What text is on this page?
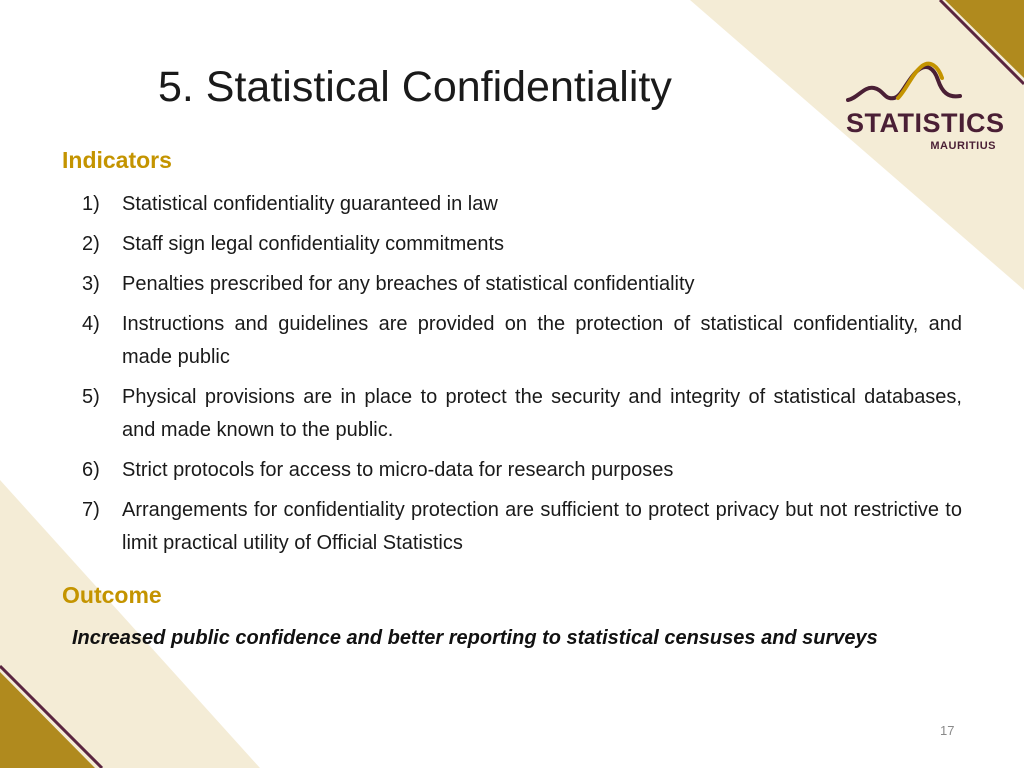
5. Statistical Confidentiality
STATISTICS
MAURITIUS
Indicators
1) Statistical confidentiality guaranteed in law
2) Staff sign legal confidentiality commitments
3) Penalties prescribed for any breaches of statistical confidentiality
4) Instructions and guidelines are provided on the protection of statistical confidentiality, and made public
5) Physical provisions are in place to protect the security and integrity of statistical databases, and made known to the public.
6) Strict protocols for access to micro-data for research purposes
7) Arrangements for confidentiality protection are sufficient to protect privacy but not restrictive to limit practical utility of Official Statistics
Outcome

Increased public confidence and better reporting to statistical censuses and surveys

17
